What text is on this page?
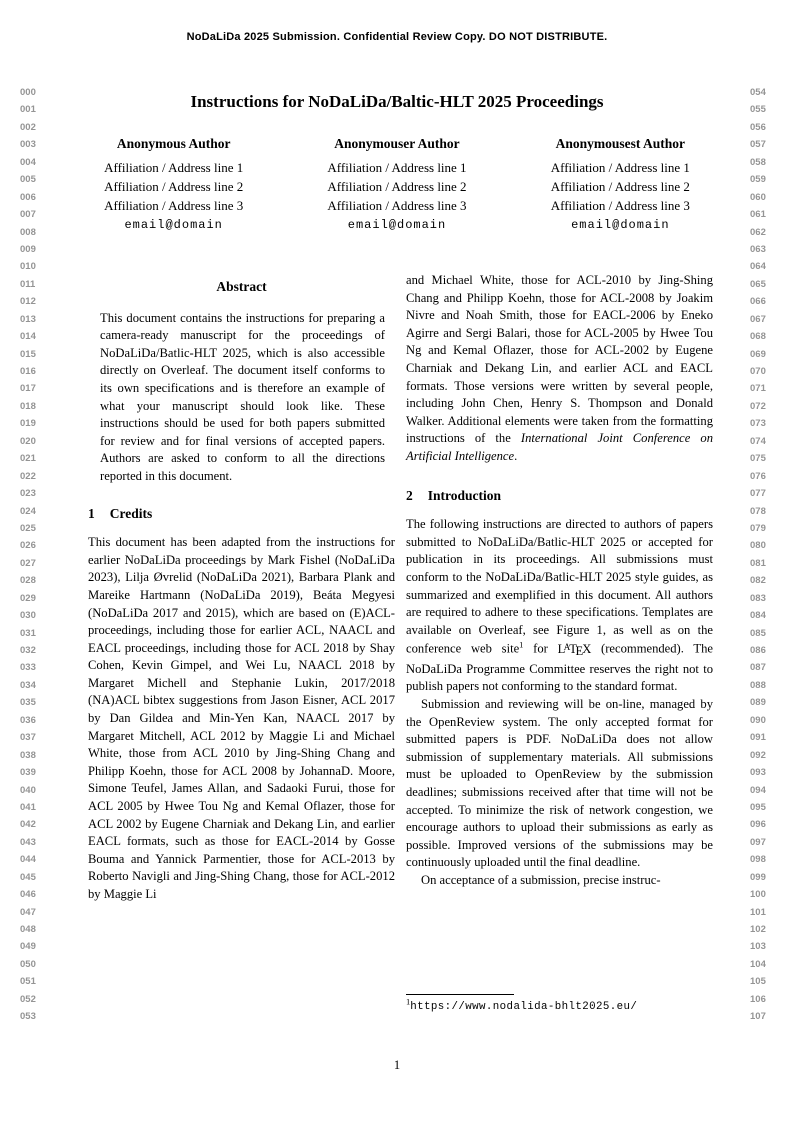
NoDaLiDa 2025 Submission. Confidential Review Copy. DO NOT DISTRIBUTE.
000
001
002
003
004
005
006
007
008
009
010
011
012
013
014
015
016
017
018
019
020
021
022
023
024
025
026
027
028
029
030
031
032
033
034
035
036
037
038
039
040
041
042
043
044
045
046
047
048
049
050
051
052
053
054
055
056
057
058
059
060
061
062
063
064
065
066
067
068
069
070
071
072
073
074
075
076
077
078
079
080
081
082
083
084
085
086
087
088
089
090
091
092
093
094
095
096
097
098
099
100
101
102
103
104
105
106
107
Instructions for NoDaLiDa/Baltic-HLT 2025 Proceedings
Anonymous Author
Affiliation / Address line 1
Affiliation / Address line 2
Affiliation / Address line 3
email@domain
Anonymouser Author
Affiliation / Address line 1
Affiliation / Address line 2
Affiliation / Address line 3
email@domain
Anonymousest Author
Affiliation / Address line 1
Affiliation / Address line 2
Affiliation / Address line 3
email@domain
Abstract
This document contains the instructions for preparing a camera-ready manuscript for the proceedings of NoDaLiDa/Batlic-HLT 2025, which is also accessible directly on Overleaf. The document itself conforms to its own specifications and is therefore an example of what your manuscript should look like. These instructions should be used for both papers submitted for review and for final versions of accepted papers. Authors are asked to conform to all the directions reported in this document.
1 Credits

This document has been adapted from the instructions for earlier NoDaLiDa proceedings by Mark Fishel (NoDaLiDa 2023), Lilja Øvrelid (NoDaLiDa 2021), Barbara Plank and Mareike Hartmann (NoDaLiDa 2019), Beáta Megyesi (NoDaLiDa 2017 and 2015), which are based on (E)ACL-proceedings, including those for earlier ACL, NAACL and EACL proceedings, including those for ACL 2018 by Shay Cohen, Kevin Gimpel, and Wei Lu, NAACL 2018 by Margaret Michell and Stephanie Lukin, 2017/2018 (NA)ACL bibtex suggestions from Jason Eisner, ACL 2017 by Dan Gildea and Min-Yen Kan, NAACL 2017 by Margaret Mitchell, ACL 2012 by Maggie Li and Michael White, those from ACL 2010 by Jing-Shing Chang and Philipp Koehn, those for ACL 2008 by JohannaD. Moore, Simone Teufel, James Allan, and Sadaoki Furui, those for ACL 2005 by Hwee Tou Ng and Kemal Oflazer, those for ACL 2002 by Eugene Charniak and Dekang Lin, and earlier EACL formats, such as those for EACL-2014 by Gosse Bouma and Yannick Parmentier, those for ACL-2013 by Roberto Navigli and Jing-Shing Chang, those for ACL-2012 by Maggie Li

and Michael White, those for ACL-2010 by Jing-Shing Chang and Philipp Koehn, those for ACL-2008 by Joakim Nivre and Noah Smith, those for EACL-2006 by Eneko Agirre and Sergi Balari, those for ACL-2005 by Hwee Tou Ng and Kemal Oflazer, those for ACL-2002 by Eugene Charniak and Dekang Lin, and earlier ACL and EACL formats. Those versions were written by several people, including John Chen, Henry S. Thompson and Donald Walker. Additional elements were taken from the formatting instructions of the International Joint Conference on Artificial Intelligence.

2 Introduction

The following instructions are directed to authors of papers submitted to NoDaLiDa/Batlic-HLT 2025 or accepted for publication in its proceedings. All submissions must conform to the NoDaLiDa/Batlic-HLT 2025 style guides, as summarized and exemplified in this document. All authors are required to adhere to these specifications. Templates are available on Overleaf, see Figure 1, as well as on the conference web site$^1$ for LATEX (recommended). The NoDaLiDa Programme Committee reserves the right not to publish papers not conforming to the standard format.

Submission and reviewing will be on-line, managed by the OpenReview system. The only accepted format for submitted papers is PDF. NoDaLiDa does not allow submission of supplementary materials. All submissions must be uploaded to OpenReview by the submission deadlines; submissions received after that time will not be accepted. To minimize the risk of network congestion, we encourage authors to upload their submissions as early as possible. Improved versions of the submissions may be continuously uploaded until the final deadline.

On acceptance of a submission, precise instruc-

$^1$https://www.nodalida-bhlt2025.eu/
1
